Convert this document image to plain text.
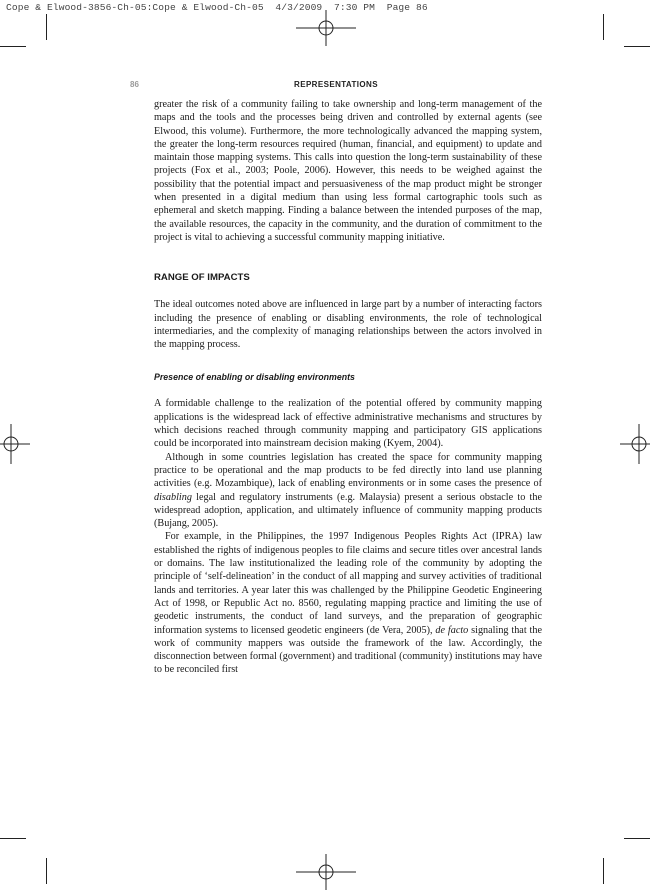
Cope & Elwood-3856-Ch-05:Cope & Elwood-Ch-05  4/3/2009  7:30 PM  Page 86
86	REPRESENTATIONS

greater the risk of a community failing to take ownership and long-term management of the maps and the tools and the processes being driven and controlled by external agents (see Elwood, this volume). Furthermore, the more technologically advanced the mapping system, the greater the long-term resources required (human, financial, and equipment) to update and maintain those mapping systems. This calls into question the long-term sustainability of these projects (Fox et al., 2003; Poole, 2006). However, this needs to be weighed against the possibility that the potential impact and persuasiveness of the map product might be stronger when presented in a digital medium than using less formal cartographic tools such as ephemeral and sketch mapping. Finding a balance between the intended purposes of the map, the available resources, the capacity in the community, and the duration of commitment to the project is vital to achieving a successful community mapping initiative.

RANGE OF IMPACTS

The ideal outcomes noted above are influenced in large part by a number of interacting factors including the presence of enabling or disabling environments, the role of technological intermediaries, and the complexity of managing relationships between the actors involved in the mapping process.

Presence of enabling or disabling environments

A formidable challenge to the realization of the potential offered by community mapping applications is the widespread lack of effective administrative mechanisms and structures by which decisions reached through community mapping and participatory GIS applications could be incorporated into mainstream decision making (Kyem, 2004).

Although in some countries legislation has created the space for community mapping practice to be operational and the map products to be fed directly into land use planning activities (e.g. Mozambique), lack of enabling environments or in some cases the presence of disabling legal and regulatory instruments (e.g. Malaysia) present a serious obstacle to the widespread adoption, application, and ultimately influence of community mapping products (Bujang, 2005).

For example, in the Philippines, the 1997 Indigenous Peoples Rights Act (IPRA) law established the rights of indigenous peoples to file claims and secure titles over ancestral lands or domains. The law institutionalized the leading role of the community by adopting the principle of ‘self-delineation’ in the conduct of all mapping and survey activities of traditional lands and territories. A year later this was challenged by the Philippine Geodetic Engineering Act of 1998, or Republic Act no. 8560, regulating mapping practice and limiting the use of geodetic instruments, the conduct of land surveys, and the preparation of geographic information systems to licensed geodetic engineers (de Vera, 2005), de facto signaling that the work of community mappers was outside the framework of the law. Accordingly, the disconnection between formal (government) and traditional (community) institutions may have to be reconciled first
